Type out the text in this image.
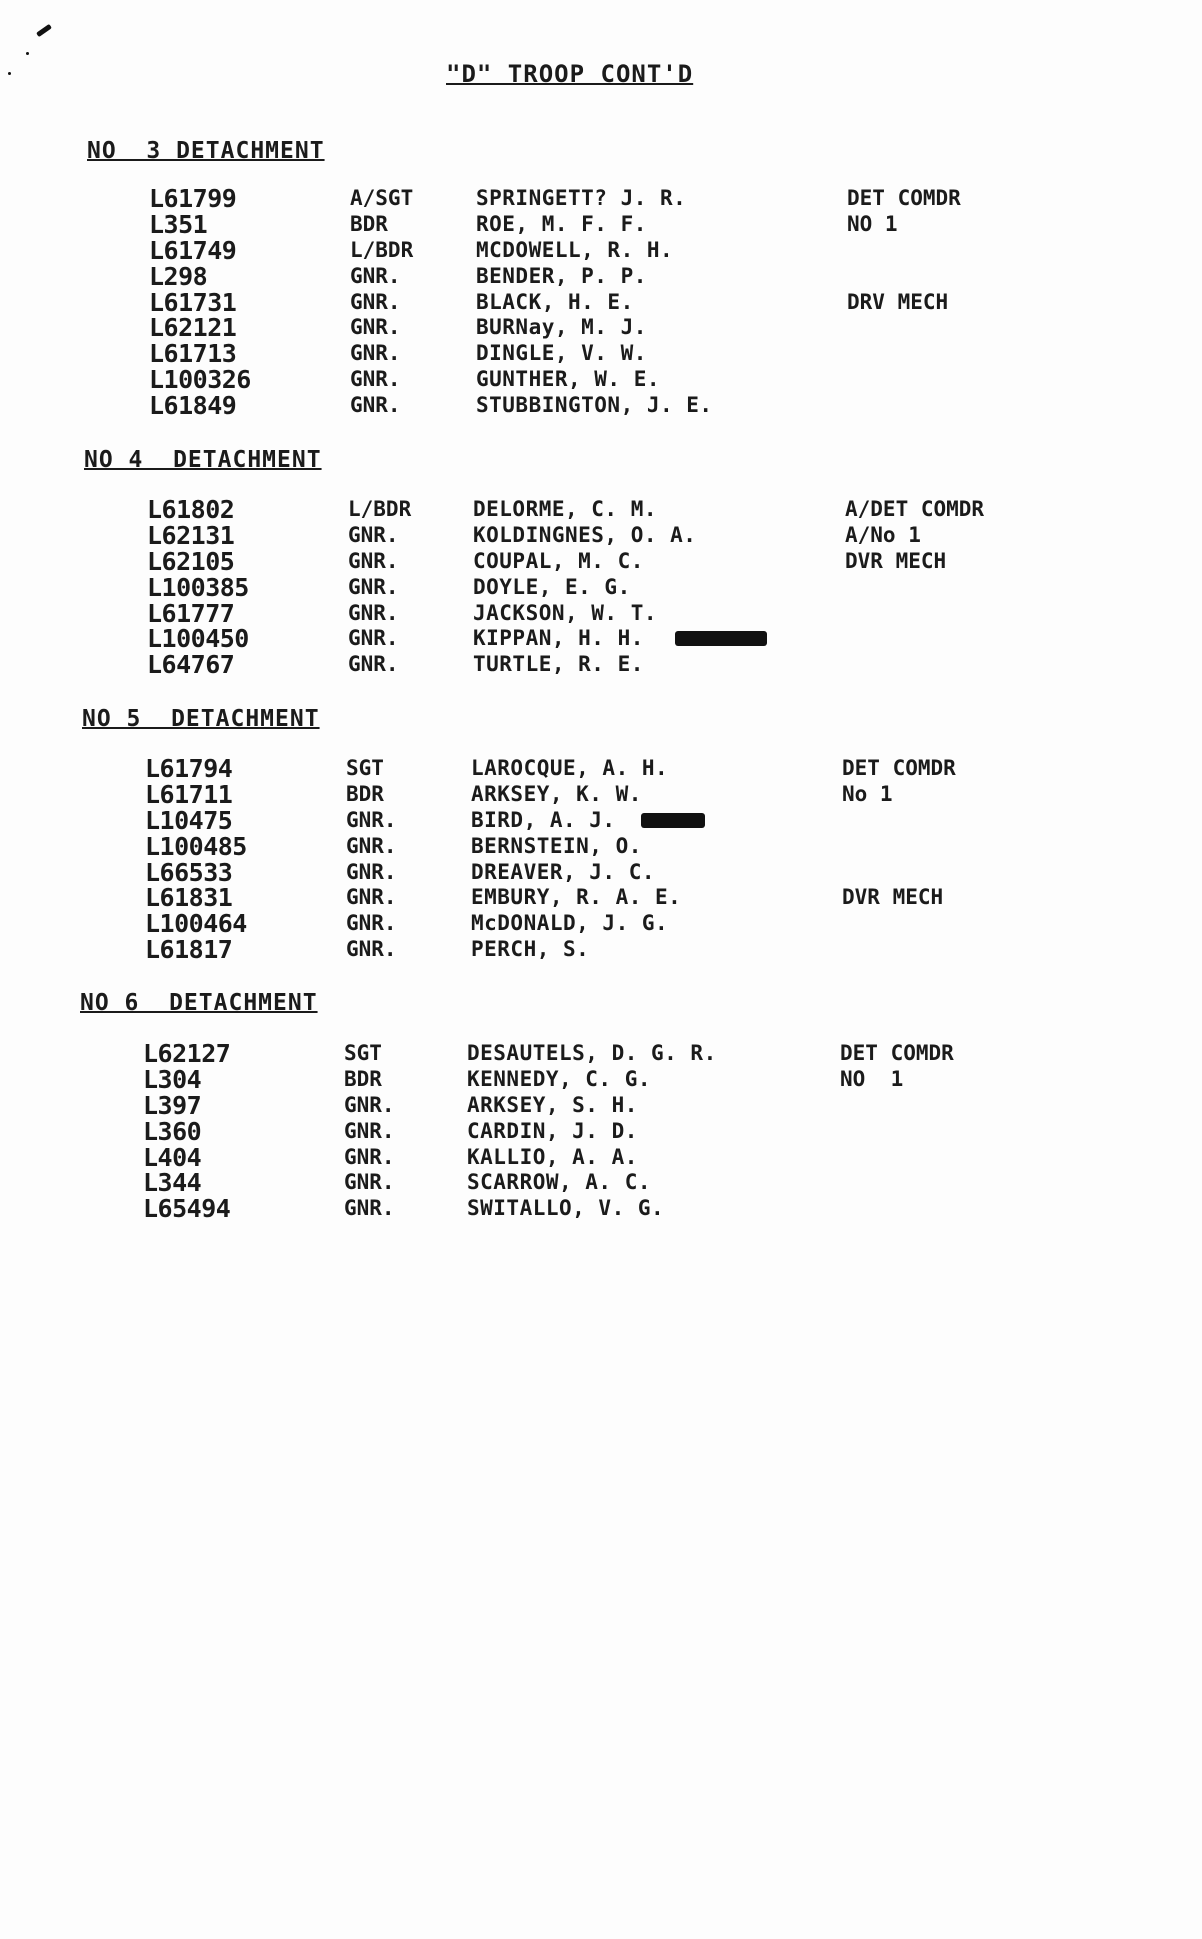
"D" TROOP CONT'D
NO  3 DETACHMENT
L61799	A/SGT	SPRINGETT? J. R.	DET COMDR
L351	BDR	ROE, M. F. F.	NO 1
L61749	L/BDR	MCDOWELL, R. H.
L298	GNR.	BENDER, P. P.
L61731	GNR.	BLACK, H. E.	DRV MECH
L62121	GNR.	BURNay, M. J.
L61713	GNR.	DINGLE, V. W.
L100326	GNR.	GUNTHER, W. E.
L61849	GNR.	STUBBINGTON, J. E.
NO 4  DETACHMENT
L61802	L/BDR	DELORME, C. M.	A/DET COMDR
L62131	GNR.	KOLDINGNES, O. A.	A/No 1
L62105	GNR.	COUPAL, M. C.	DVR MECH
L100385	GNR.	DOYLE, E. G.
L61777	GNR.	JACKSON, W. T.
L100450	GNR.	KIPPAN, H. H.
L64767	GNR.	TURTLE, R. E.
NO 5  DETACHMENT
L61794	SGT	LAROCQUE, A. H.	DET COMDR
L61711	BDR	ARKSEY, K. W.	No 1
L10475	GNR.	BIRD, A. J.
L100485	GNR.	BERNSTEIN, O.
L66533	GNR.	DREAVER, J. C.
L61831	GNR.	EMBURY, R. A. E.	DVR MECH
L100464	GNR.	McDONALD, J. G.
L61817	GNR.	PERCH, S.
NO 6  DETACHMENT
L62127	SGT	DESAUTELS, D. G. R.	DET COMDR
L304	BDR	KENNEDY, C. G.	NO  1
L397	GNR.	ARKSEY, S. H.
L360	GNR.	CARDIN, J. D.
L404	GNR.	KALLIO, A. A.
L344	GNR.	SCARROW, A. C.
L65494	GNR.	SWITALLO, V. G.
